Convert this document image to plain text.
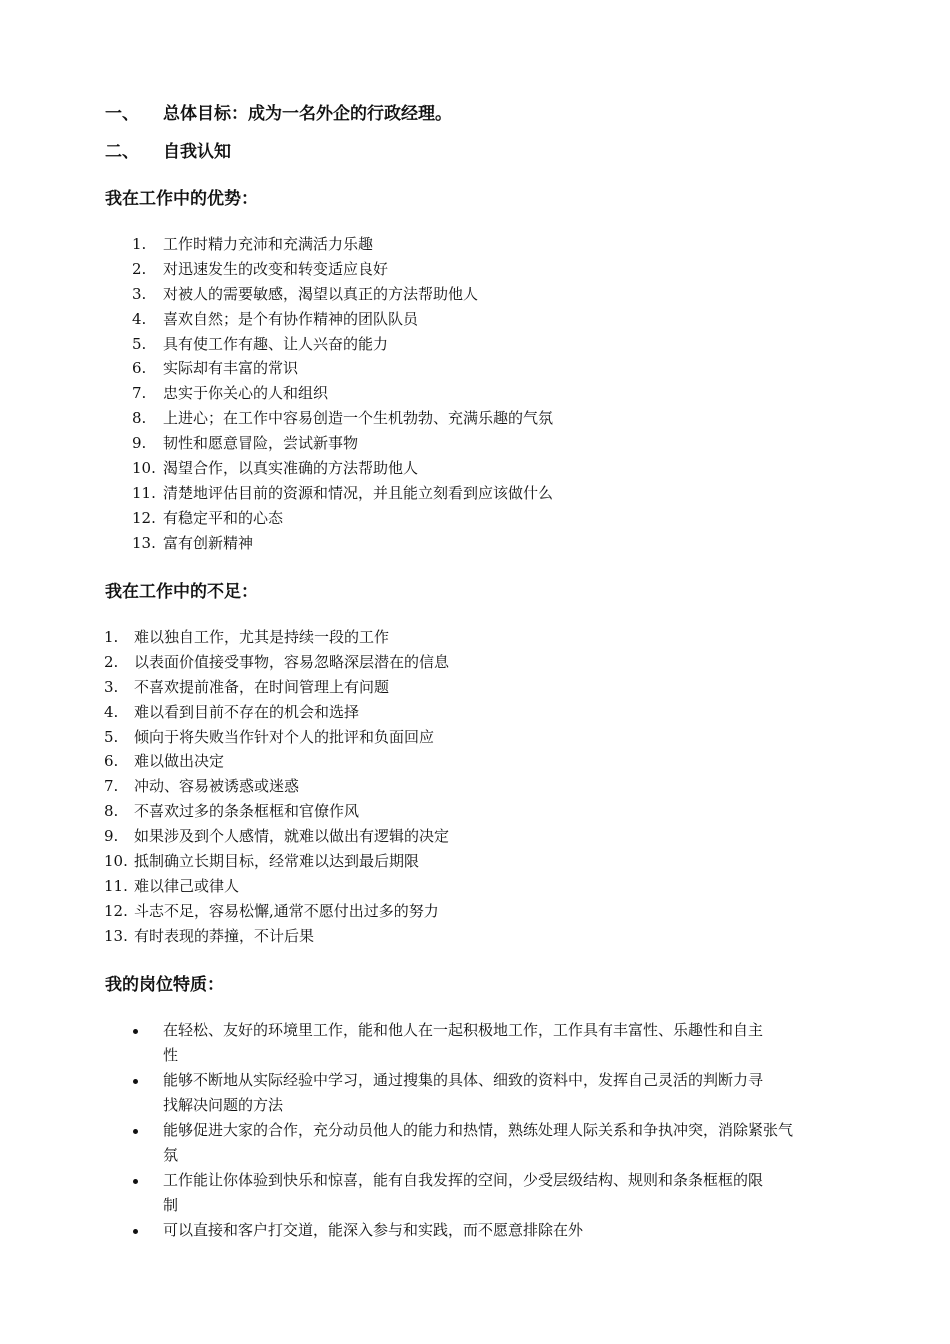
一、 总体目标：成为一名外企的行政经理。
二、 自我认知
我在工作中的优势：
1. 工作时精力充沛和充满活力乐趣
2. 对迅速发生的改变和转变适应良好
3. 对被人的需要敏感，渴望以真正的方法帮助他人
4. 喜欢自然；是个有协作精神的团队队员
5. 具有使工作有趣、让人兴奋的能力
6. 实际却有丰富的常识
7. 忠实于你关心的人和组织
8. 上进心；在工作中容易创造一个生机勃勃、充满乐趣的气氛
9. 韧性和愿意冒险，尝试新事物
10. 渴望合作，以真实准确的方法帮助他人
11. 清楚地评估目前的资源和情况，并且能立刻看到应该做什么
12. 有稳定平和的心态
13. 富有创新精神
我在工作中的不足：
1. 难以独自工作，尤其是持续一段的工作
2. 以表面价值接受事物，容易忽略深层潜在的信息
3. 不喜欢提前准备，在时间管理上有问题
4. 难以看到目前不存在的机会和选择
5. 倾向于将失败当作针对个人的批评和负面回应
6. 难以做出决定
7. 冲动、容易被诱惑或迷惑
8. 不喜欢过多的条条框框和官僚作风
9. 如果涉及到个人感情，就难以做出有逻辑的决定
10. 抵制确立长期目标，经常难以达到最后期限
11. 难以律己或律人
12. 斗志不足，容易松懈,通常不愿付出过多的努力
13. 有时表现的莽撞，不计后果
我的岗位特质：
在轻松、友好的环境里工作，能和他人在一起积极地工作，工作具有丰富性、乐趣性和自主
性
能够不断地从实际经验中学习，通过搜集的具体、细致的资料中，发挥自己灵活的判断力寻
找解决问题的方法
能够促进大家的合作，充分动员他人的能力和热情，熟练处理人际关系和争执冲突，消除紧张气
氛
工作能让你体验到快乐和惊喜，能有自我发挥的空间，少受层级结构、规则和条条框框的限
制
可以直接和客户打交道，能深入参与和实践，而不愿意排除在外
